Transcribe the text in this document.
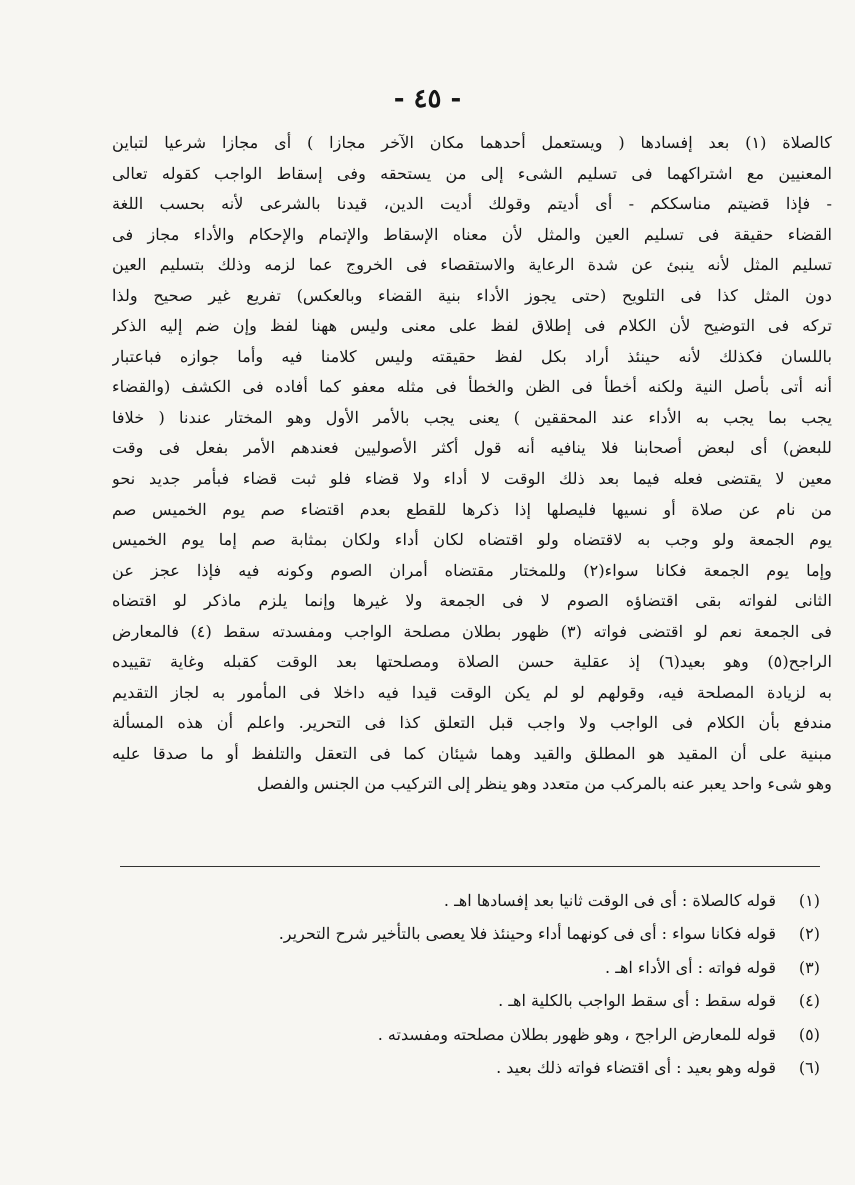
- ٤٥ -
كالصلاة (١) بعد إفسادها ( ويستعمل أحدهما مكان الآخر مجازا ) أى مجازا شرعيا لتباين
المعنيين مع اشتراكهما فى تسليم الشىء إلى من يستحقه وفى إسقاط الواجب كقوله تعالى
- فإذا قضيتم مناسككم - أى أديتم وقولك أديت الدين، قيدنا بالشرعى لأنه بحسب اللغة
القضاء حقيقة فى تسليم العين والمثل لأن معناه الإسقاط والإتمام والإحكام والأداء مجاز فى
تسليم المثل لأنه ينبئ عن شدة الرعاية والاستقصاء فى الخروج عما لزمه وذلك بتسليم العين
دون المثل كذا فى التلويح (حتى يجوز الأداء بنية القضاء وبالعكس) تفريع غير صحيح ولذا
تركه فى التوضيح لأن الكلام فى إطلاق لفظ على معنى وليس ههنا لفظ وإن ضم إليه الذكر
باللسان فكذلك لأنه حينئذ أراد بكل لفظ حقيقته وليس كلامنا فيه وأما جوازه فباعتبار
أنه أتى بأصل النية ولكنه أخطأ فى الظن والخطأ فى مثله معفو كما أفاده فى الكشف (والقضاء
يجب بما يجب به الأداء عند المحققين ) يعنى يجب بالأمر الأول وهو المختار عندنا ( خلافا
للبعض) أى لبعض أصحابنا فلا ينافيه أنه قول أكثر الأصوليين فعندهم الأمر بفعل فى وقت
معين لا يقتضى فعله فيما بعد ذلك الوقت لا أداء ولا قضاء فلو ثبت قضاء فبأمر جديد نحو
من نام عن صلاة أو نسيها فليصلها إذا ذكرها للقطع بعدم اقتضاء صم يوم الخميس صم
يوم الجمعة ولو وجب به لاقتضاه ولو اقتضاه لكان أداء ولكان بمثابة صم إما يوم الخميس
وإما يوم الجمعة فكانا سواء(٢) وللمختار مقتضاه أمران الصوم وكونه فيه فإذا عجز عن
الثانى لفواته بقى اقتضاؤه الصوم لا فى الجمعة ولا غيرها وإنما يلزم ماذكر لو اقتضاه
فى الجمعة نعم لو اقتضى فواته (٣) ظهور بطلان مصلحة الواجب ومفسدته سقط (٤) فالمعارض
الراجح(٥) وهو بعيد(٦) إذ عقلية حسن الصلاة ومصلحتها بعد الوقت كقبله وغاية تقييده
به لزيادة المصلحة فيه، وقولهم لو لم يكن الوقت قيدا فيه داخلا فى المأمور به لجاز التقديم
مندفع بأن الكلام فى الواجب ولا واجب قبل التعلق كذا فى التحرير. واعلم أن هذه المسألة
مبنية على أن المقيد هو المطلق والقيد وهما شيئان كما فى التعقل والتلفظ أو ما صدقا عليه
وهو شىء واحد يعبر عنه بالمركب من متعدد وهو ينظر إلى التركيب من الجنس والفصل
(١)
قوله كالصلاة : أى فى الوقت ثانيا بعد إفسادها اهـ .
(٢)
قوله فكانا سواء : أى فى كونهما أداء وحينئذ فلا يعصى بالتأخير شرح التحرير.
(٣)
قوله فواته : أى الأداء اهـ .
(٤)
قوله سقط : أى سقط الواجب بالكلية اهـ .
(٥)
قوله للمعارض الراجح ، وهو ظهور بطلان مصلحته ومفسدته .
(٦)
قوله وهو بعيد : أى اقتضاء فواته ذلك بعيد .
